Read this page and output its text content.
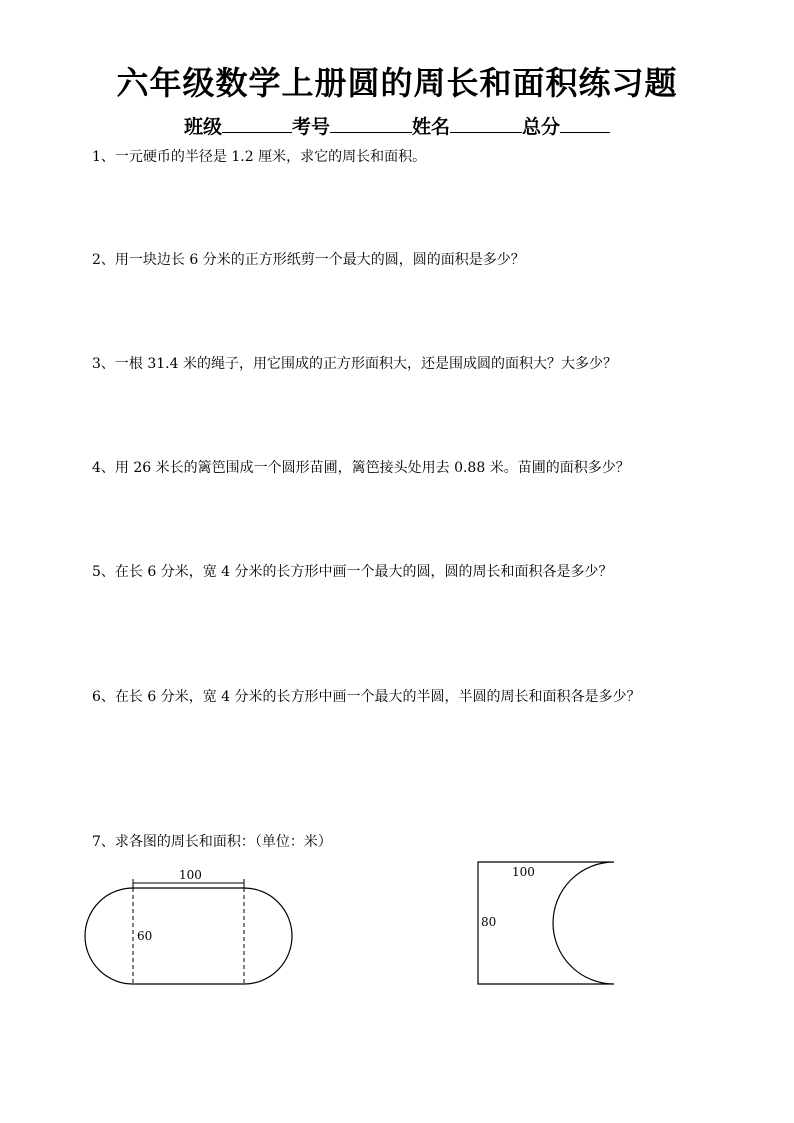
六年级数学上册圆的周长和面积练习题
班级	考号	姓名	总分
1、一元硬币的半径是 1.2 厘米，求它的周长和面积。
2、用一块边长 6 分米的正方形纸剪一个最大的圆，圆的面积是多少？
3、一根 31.4 米的绳子，用它围成的正方形面积大，还是围成圆的面积大？大多少？
4、用 26 米长的篱笆围成一个圆形苗圃，篱笆接头处用去 0.88 米。苗圃的面积多少？
5、在长 6 分米，宽 4 分米的长方形中画一个最大的圆，圆的周长和面积各是多少？
6、在长 6 分米，宽 4 分米的长方形中画一个最大的半圆，半圆的周长和面积各是多少？
7、求各图的周长和面积：（单位：米）
100
60
100
80
